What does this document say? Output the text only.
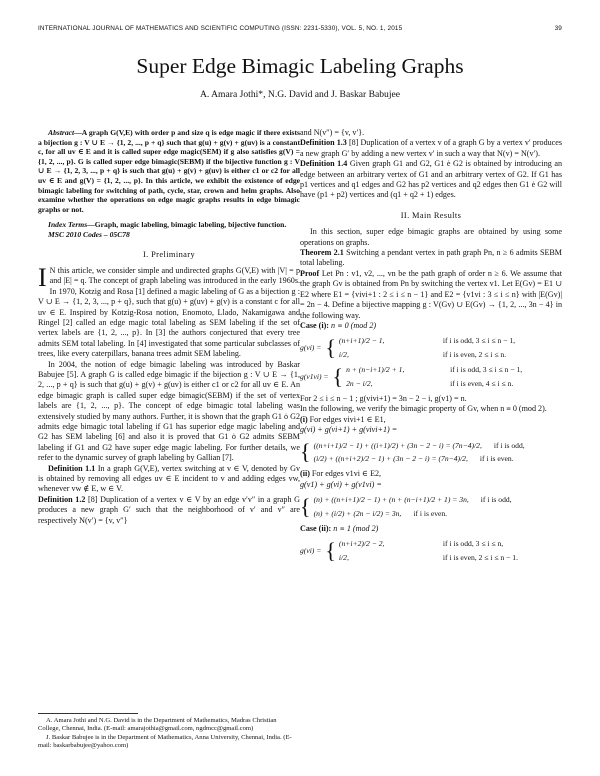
INTERNATIONAL JOURNAL OF MATHEMATICS AND SCIENTIFIC COMPUTING (ISSN: 2231-5330), VOL. 5, NO. 1, 2015	39
Super Edge Bimagic Labeling Graphs
A. Amara Jothi*, N.G. David and J. Baskar Babujee

Abstract—A graph G(V,E) with order p and size q is edge magic if there exists a bijection g : V ∪ E → {1, 2, ..., p + q} such that g(u) + g(v) + g(uv) is a constant c, for all uv ∈ E and it is called super edge magic(SEM) if g also satisfies g(V) = {1, 2, ..., p}. G is called super edge bimagic(SEBM) if the bijective function g : V ∪ E → {1, 2, 3, ..., p + q} is such that g(u) + g(v) + g(uv) is either c1 or c2 for all uv ∈ E and g(V) = {1, 2, ..., p}. In this article, we exhibit the existence of edge bimagic labeling for switching of path, cycle, star, crown and helm graphs. Also examine whether the operations on edge magic graphs results in edge bimagic graphs or not.

Index Terms—Graph, magic labeling, bimagic labeling, bijective function.

MSC 2010 Codes – 05C78

I. Preliminary

I N this article, we consider simple and undirected graphs G(V,E) with |V| = p and |E| = q. The concept of graph labeling was introduced in the early 1960s. In 1970, Kotzig and Rosa [1] defined a magic labeling of G as a bijection g : V ∪ E → {1, 2, 3, ..., p + q}, such that g(u) + g(uv) + g(v) is a constant c for all uv ∈ E. Inspired by Kotzig-Rosa notion, Enomoto, Llado, Nakamigawa and Ringel [2] called an edge magic total labeling as SEM labeling if the set of vertex labels are {1, 2, ..., p}. In [3] the authors conjectured that every tree admits SEM total labeling. In [4] investigated that some particular subclasses of trees, like every caterpillars, banana trees admit SEM labeling.

In 2004, the notion of edge bimagic labeling was introduced by Baskar Babujee [5]. A graph G is called edge bimagic if the bijection g : V ∪ E → {1, 2, ..., p + q} is such that g(u) + g(v) + g(uv) is either c1 or c2 for all uv ∈ E. An edge bimagic graph is called super edge bimagic(SEBM) if the set of vertex labels are {1, 2, ..., p}. The concept of edge bimagic total labeling was extensively studied by many authors. Further, it is shown that the graph G1 ȯ G2 admits edge bimagic total labeling if G1 has superior edge magic labeling and G2 has SEM labeling [6] and also it is proved that G1 ȯ G2 admits SEBM labeling if G1 and G2 have super edge magic labeling. For further details, we refer to the dynamic survey of graph labeling by Gallian [7].

Definition 1.1 In a graph G(V,E), vertex switching at v ∈ V, denoted by Gv is obtained by removing all edges uv ∈ E incident to v and adding edges vw, whenever vw ∉ E, w ∈ V.

Definition 1.2 [8] Duplication of a vertex v ∈ V by an edge v′v″ in a graph G produces a new graph G′ such that the neighborhood of v′ and v″ are respectively N(v′) = {v, v″}

and N(v″) = {v, v′}.

Definition 1.3 [8] Duplication of a vertex v of a graph G by a vertex v′ produces a new graph G′ by adding a new vertex v′ in such a way that N(v) = N(v′).

Definition 1.4 Given graph G1 and G2, G1 ė G2 is obtained by introducing an edge between an arbitrary vertex of G1 and an arbitrary vertex of G2. If G1 has p1 vertices and q1 edges and G2 has p2 vertices and q2 edges then G1 ė G2 will have (p1 + p2) vertices and (q1 + q2 + 1) edges.

II. Main Results

In this section, super edge bimagic graphs are obtained by using some operations on graphs.

Theorem 2.1 Switching a pendant vertex in path graph Pn, n ≥ 6 admits SEBM total labeling.

Proof Let Pn : v1, v2, ..., vn be the path graph of order n ≥ 6. We assume that the graph Gv is obtained from Pn by switching the vertex v1. Let E(Gv) = E1 ∪ E2 where E1 = {vivi+1 : 2 ≤ i ≤ n − 1} and E2 = {v1vi : 3 ≤ i ≤ n} with |E(Gv)| = 2n − 4. Define a bijective mapping g : V(Gv) ∪ E(Gv) → {1, 2, ..., 3n − 4} in the following way.

Case (i): n ≡ 0 (mod 2)

g(vi) = { (n+i+1)/2 − 1,	if i is odd, 3 ≤ i ≤ n − 1,
i/2,	if i is even, 2 ≤ i ≤ n.
g(v1vi) = { n + (n−i+1)/2 + 1,	if i is odd, 3 ≤ i ≤ n − 1,
2n − i/2,	if i is even, 4 ≤ i ≤ n.

For 2 ≤ i ≤ n − 1 ; g(vivi+1) = 3n − 2 − i, g(v1) = n.

In the following, we verify the bimagic property of Gv, when n ≡ 0 (mod 2).

(i) For edges vivi+1 ∈ E1,

g(vi) + g(vi+1) + g(vivi+1) =

{ ((n+i+1)/2 − 1) + ((i+1)/2) + (3n − 2 − i) = (7n−4)/2, if i is odd,
(i/2) + ((n+i+2)/2 − 1) + (3n − 2 − i) = (7n−4)/2, if i is even.

(ii) For edges v1vi ∈ E2,

g(v1) + g(vi) + g(v1vi) =

{ (n) + ((n+i+1)/2 − 1) + (n + (n−i+1)/2 + 1) = 3n, if i is odd,
(n) + (i/2) + (2n − i/2) = 3n, if i is even.

Case (ii): n ≡ 1 (mod 2)

g(vi) = { (n+i+2)/2 − 2,	if i is odd, 3 ≤ i ≤ n,
i/2,	if i is even, 2 ≤ i ≤ n − 1.

A. Amara Jothi and N.G. David is in the Department of Mathematics, Madras Christian College, Chennai, India. (E-mail: amarajothia@gmail.com, ngdmcc@gmail.com)

J. Baskar Babujee is in the Department of Mathematics, Anna University, Chennai, India. (E-mail: baskarbabujee@yahoo.com)
